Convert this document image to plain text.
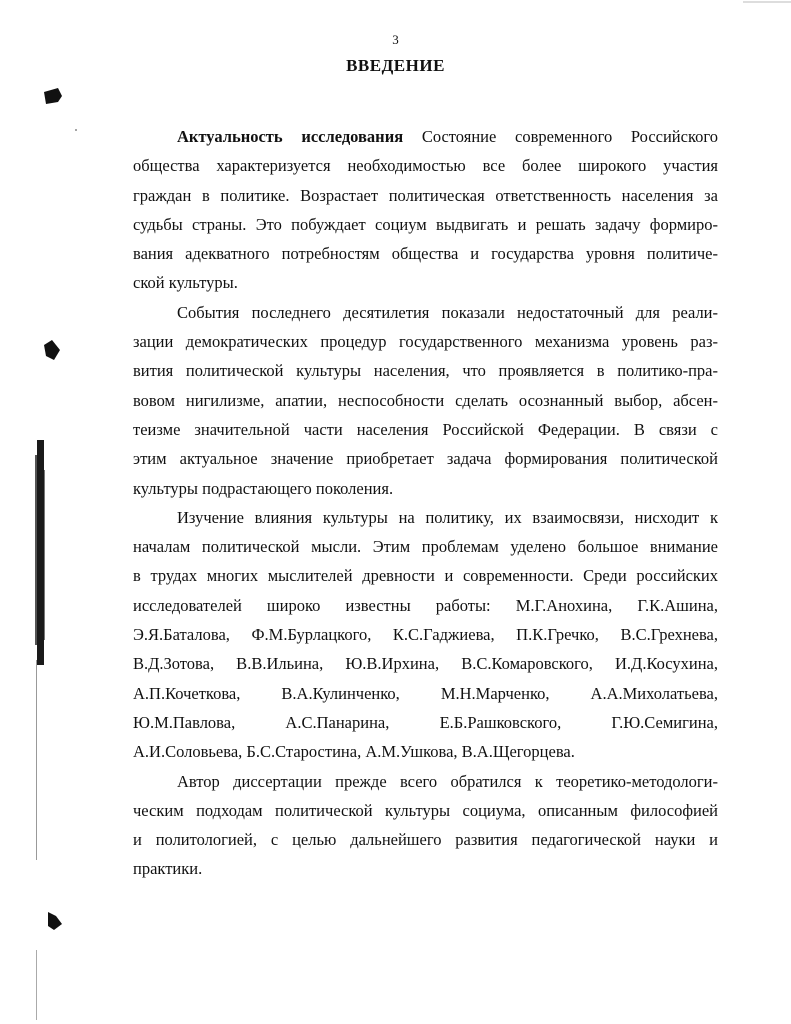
3
ВВЕДЕНИЕ
Актуальность исследования Состояние современного Российского
общества характеризуется необходимостью все более широкого участия
граждан в политике. Возрастает политическая ответственность населения за
судьбы страны. Это побуждает социум выдвигать и решать задачу формиро-
вания адекватного потребностям общества и государства уровня политиче-
ской культуры.
События последнего десятилетия показали недостаточный для реали-
зации демократических процедур государственного механизма уровень раз-
вития политической культуры населения, что проявляется в политико-пра-
вовом нигилизме, апатии, неспособности сделать осознанный выбор, абсен-
теизме значительной части населения Российской Федерации. В связи с
этим актуальное значение приобретает задача формирования политической
культуры подрастающего поколения.
Изучение влияния культуры на политику, их взаимосвязи, нисходит к
началам политической мысли. Этим проблемам уделено большое внимание
в трудах многих мыслителей древности и современности. Среди российских
исследователей широко известны работы: М.Г.Анохина, Г.К.Ашина,
Э.Я.Баталова, Ф.М.Бурлацкого, К.С.Гаджиева, П.К.Гречко, В.С.Грехнева,
В.Д.Зотова, В.В.Ильина, Ю.В.Ирхина, В.С.Комаровского, И.Д.Косухина,
А.П.Кочеткова, В.А.Кулинченко, М.Н.Марченко, А.А.Михолатьева,
Ю.М.Павлова, А.С.Панарина, Е.Б.Рашковского, Г.Ю.Семигина,
А.И.Соловьева, Б.С.Старостина, А.М.Ушкова, В.А.Щегорцева.
Автор диссертации прежде всего обратился к теоретико-методологи-
ческим подходам политической культуры социума, описанным философией
и политологией, с целью дальнейшего развития педагогической науки и
практики.
